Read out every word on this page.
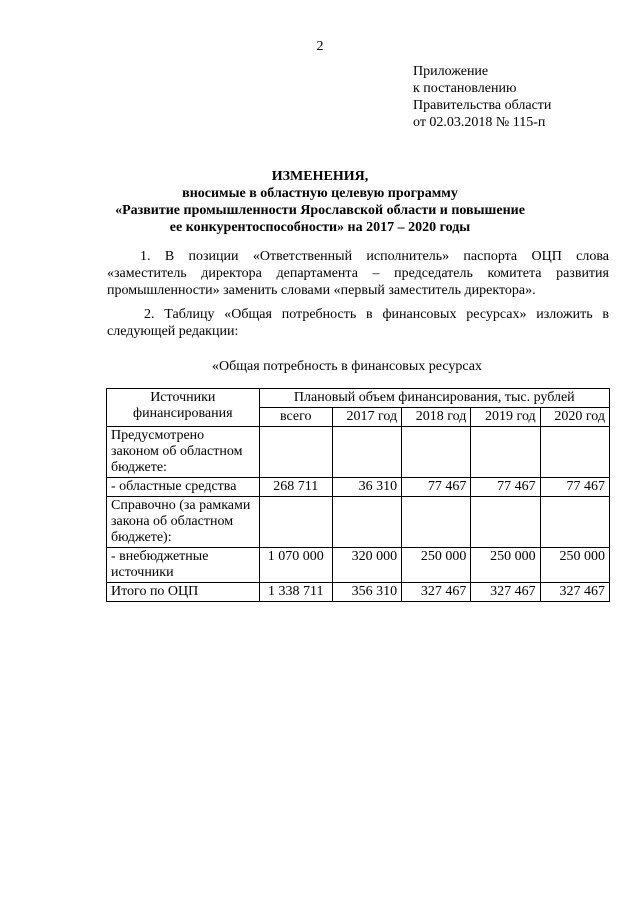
2
Приложение
к постановлению
Правительства области
от 02.03.2018 № 115-п
ИЗМЕНЕНИЯ,
вносимые в областную целевую программу
«Развитие промышленности Ярославской области и повышение
ее конкурентоспособности» на 2017 – 2020 годы
1. В позиции «Ответственный исполнитель» паспорта ОЦП слова «заместитель директора департамента – председатель комитета развития промышленности» заменить словами «первый заместитель директора».
2. Таблицу «Общая потребность в финансовых ресурсах» изложить в следующей редакции:
«Общая потребность в финансовых ресурсах
Источники финансирования	Плановый объем финансирования, тыс. рублей				
	всего	2017 год	2018 год	2019 год	2020 год
Предусмотрено законом об областном бюджете:					
- областные средства	268 711	36 310	77 467	77 467	77 467
Справочно (за рамками закона об областном бюджете):					
- внебюджетные источники	1 070 000	320 000	250 000	250 000	250 000
Итого по ОЦП	1 338 711	356 310	327 467	327 467	327 467
